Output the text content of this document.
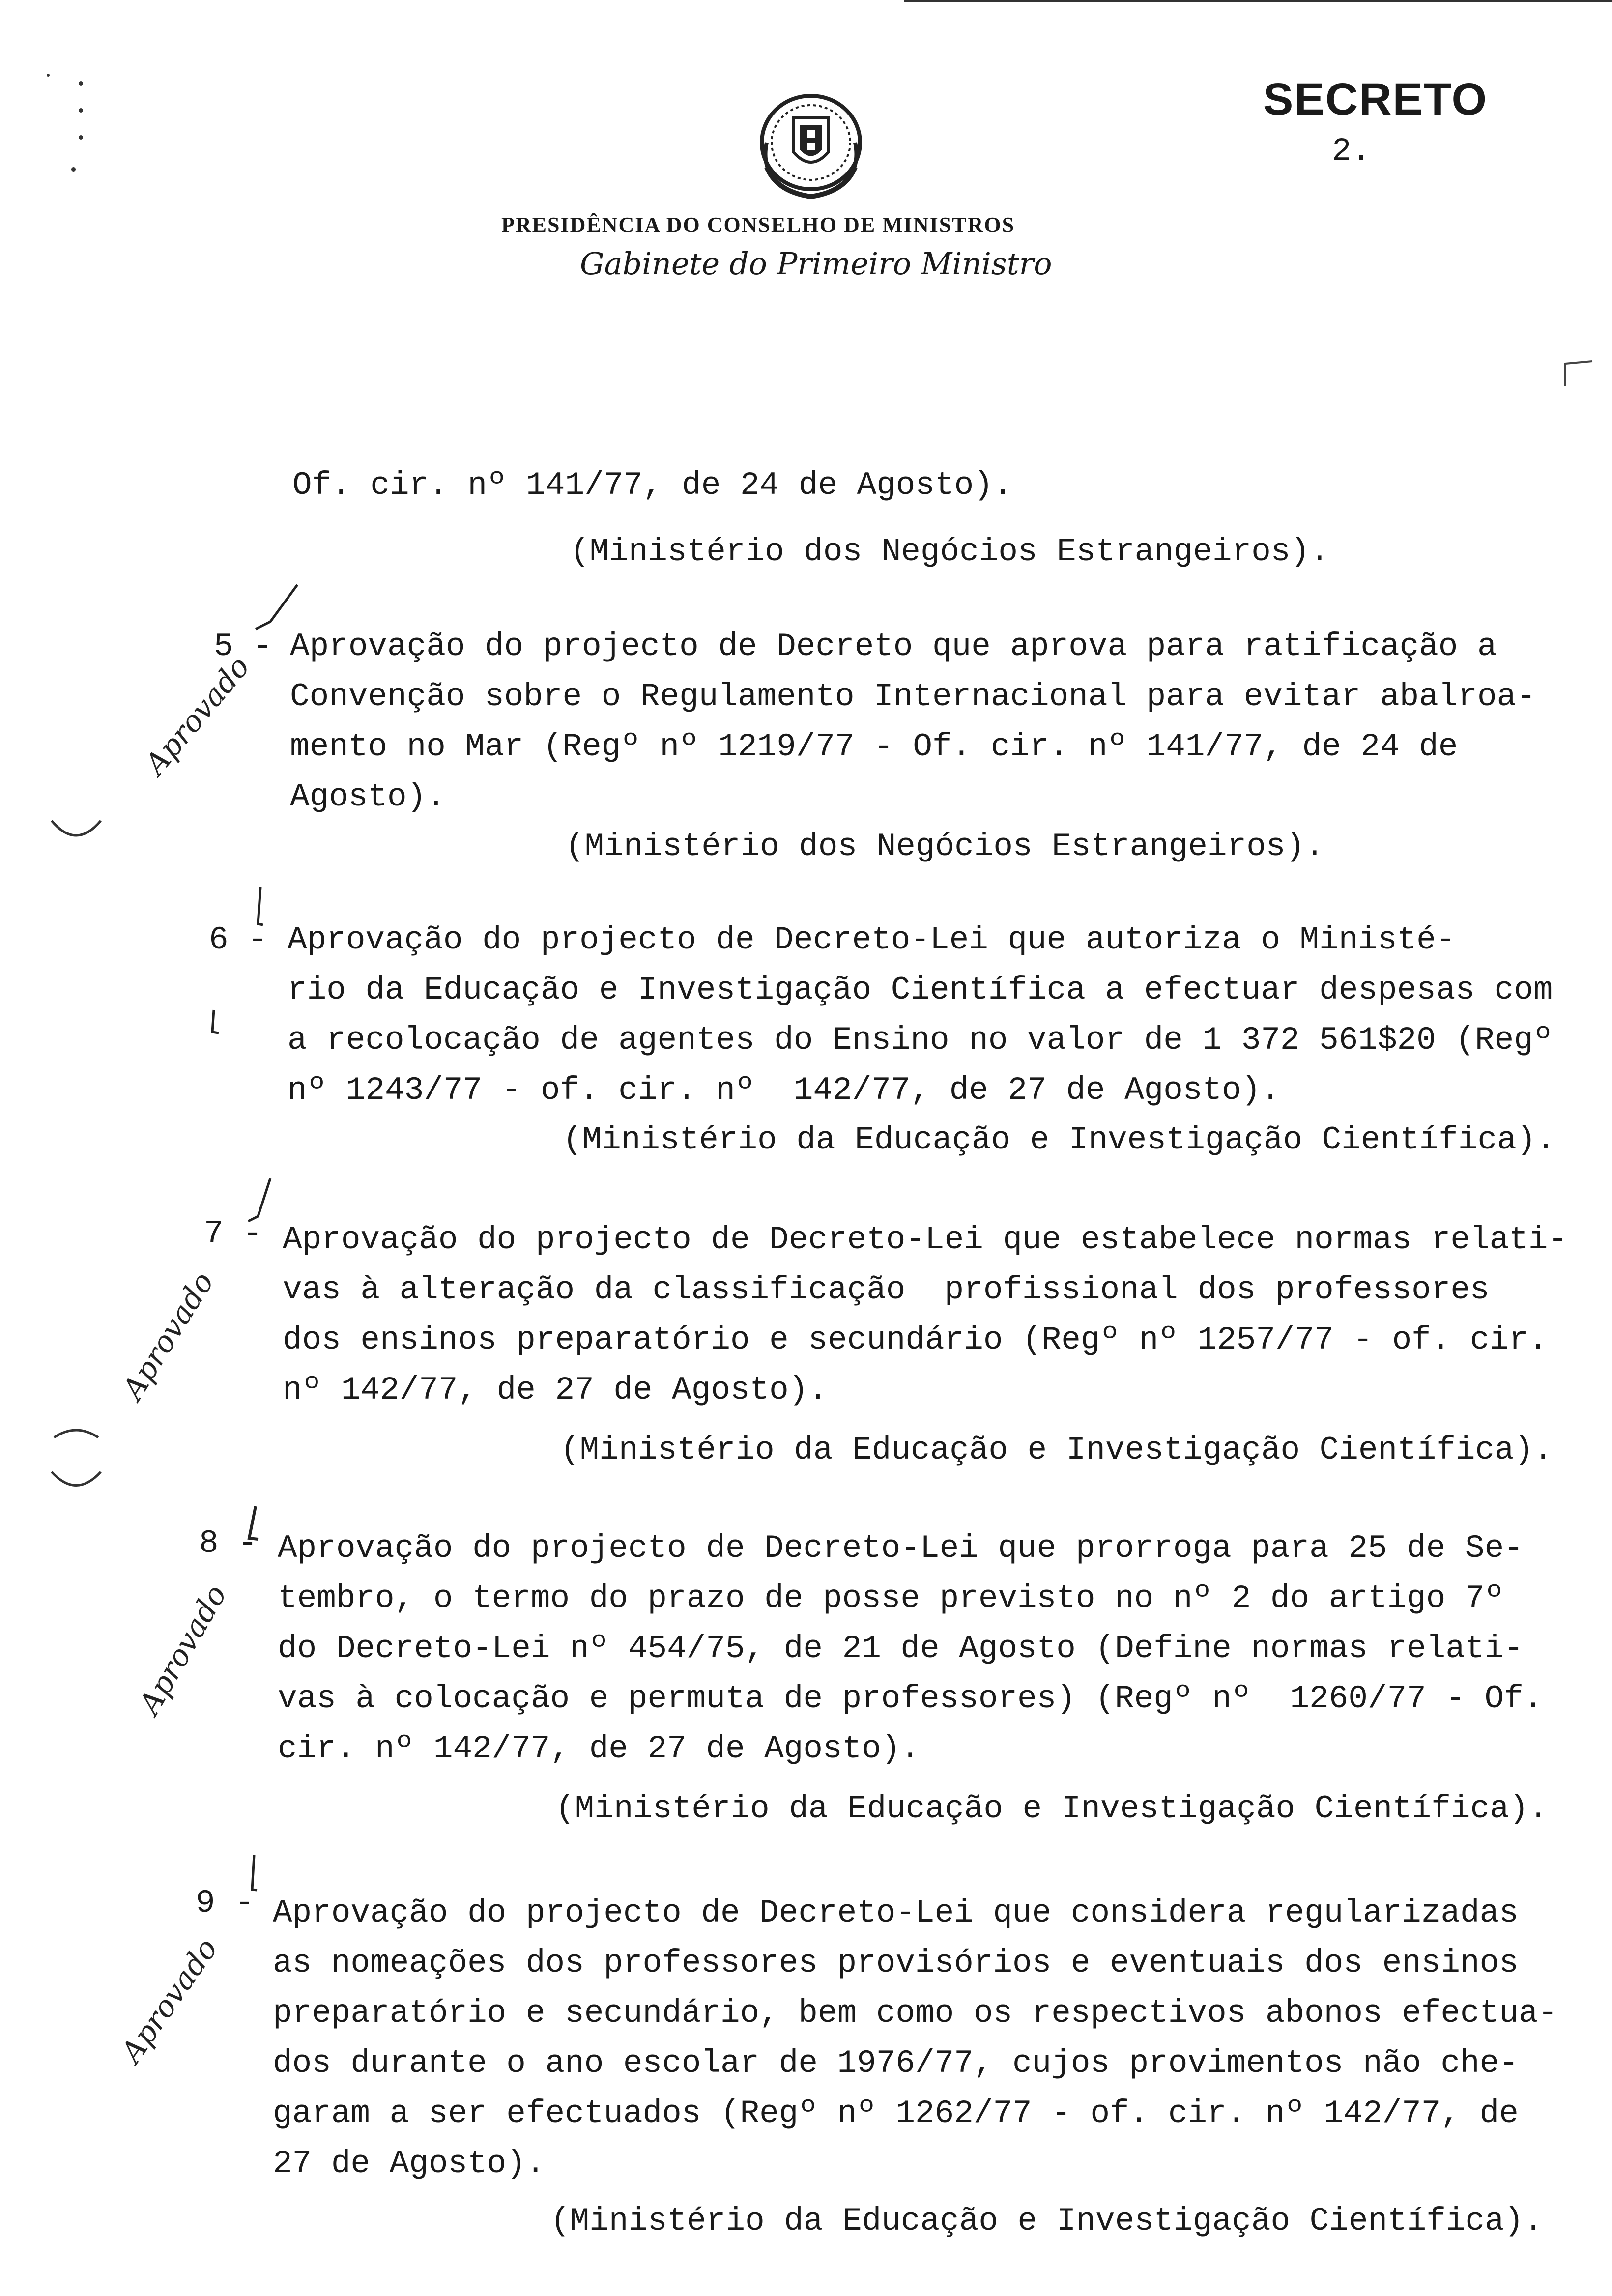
SECRETO
2.
PRESIDÊNCIA DO CONSELHO DE MINISTROS
Gabinete do Primeiro Ministro
Of. cir. nº 141/77, de 24 de Agosto).
(Ministério dos Negócios Estrangeiros).
5 -
Aprovado
Aprovação do projecto de Decreto que aprova para ratificação a
Convenção sobre o Regulamento Internacional para evitar abalroa-
mento no Mar (Regº nº 1219/77 - Of. cir. nº 141/77, de 24 de
Agosto).
(Ministério dos Negócios Estrangeiros).
6 - Aprovação do projecto de Decreto-Lei que autoriza o Ministé-
rio da Educação e Investigação Científica a efectuar despesas com
a recolocação de agentes do Ensino no valor de 1 372 561$20 (Regº
nº 1243/77 - of. cir. nº  142/77, de 27 de Agosto).
(Ministério da Educação e Investigação Científica).
7 -
Aprovado
Aprovação do projecto de Decreto-Lei que estabelece normas relati-
vas à alteração da classificação  profissional dos professores
dos ensinos preparatório e secundário (Regº nº 1257/77 - of. cir.
nº 142/77, de 27 de Agosto).
(Ministério da Educação e Investigação Científica).
8 -
Aprovado
Aprovação do projecto de Decreto-Lei que prorroga para 25 de Se-
tembro, o termo do prazo de posse previsto no nº 2 do artigo 7º
do Decreto-Lei nº 454/75, de 21 de Agosto (Define normas relati-
vas à colocação e permuta de professores) (Regº nº  1260/77 - Of.
cir. nº 142/77, de 27 de Agosto).
(Ministério da Educação e Investigação Científica).
9 -
Aprovado
Aprovação do projecto de Decreto-Lei que considera regularizadas
as nomeações dos professores provisórios e eventuais dos ensinos
preparatório e secundário, bem como os respectivos abonos efectua-
dos durante o ano escolar de 1976/77, cujos provimentos não che-
garam a ser efectuados (Regº nº 1262/77 - of. cir. nº 142/77, de
27 de Agosto).
(Ministério da Educação e Investigação Científica).
